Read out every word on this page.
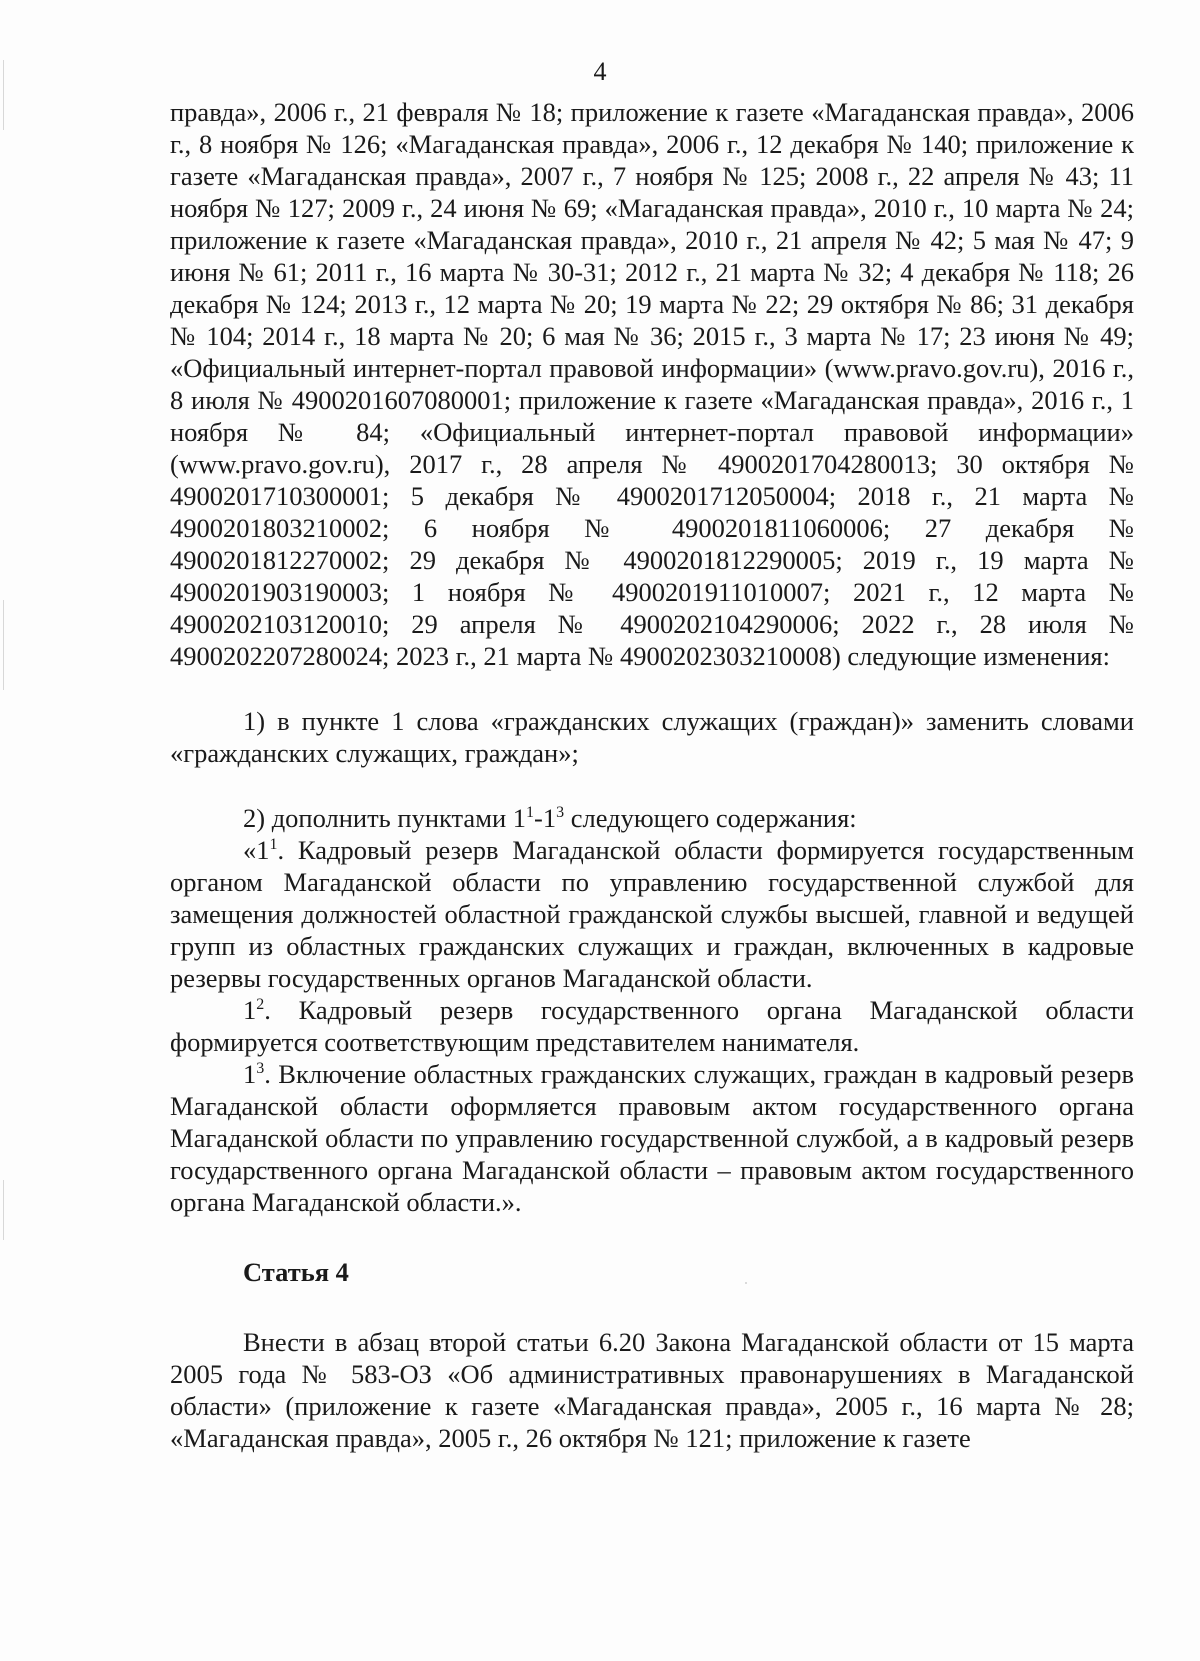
4

правда», 2006 г., 21 февраля № 18; приложение к газете «Магаданская правда», 2006 г., 8 ноября № 126; «Магаданская правда», 2006 г., 12 декабря № 140; приложение к газете «Магаданская правда», 2007 г., 7 ноября № 125; 2008 г., 22 апреля № 43; 11 ноября № 127; 2009 г., 24 июня № 69; «Магаданская правда», 2010 г., 10 марта № 24; приложение к газете «Магаданская правда», 2010 г., 21 апреля № 42; 5 мая № 47; 9 июня № 61; 2011 г., 16 марта № 30-31; 2012 г., 21 марта № 32; 4 декабря № 118; 26 декабря № 124; 2013 г., 12 марта № 20; 19 марта № 22; 29 октября № 86; 31 декабря № 104; 2014 г., 18 марта № 20; 6 мая № 36; 2015 г., 3 марта № 17; 23 июня № 49; «Официальный интернет-портал правовой информации» (www.pravo.gov.ru), 2016 г., 8 июля № 4900201607080001; приложение к газете «Магаданская правда», 2016 г., 1 ноября № 84; «Официальный интернет-портал правовой информации» (www.pravo.gov.ru), 2017 г., 28 апреля № 4900201704280013; 30 октября № 4900201710300001; 5 декабря № 4900201712050004; 2018 г., 21 марта № 4900201803210002; 6 ноября № 4900201811060006; 27 декабря № 4900201812270002; 29 декабря № 4900201812290005; 2019 г., 19 марта № 4900201903190003; 1 ноября № 4900201911010007; 2021 г., 12 марта № 4900202103120010; 29 апреля № 4900202104290006; 2022 г., 28 июля № 4900202207280024; 2023 г., 21 марта № 4900202303210008) следующие изменения:

1) в пункте 1 слова «гражданских служащих (граждан)» заменить словами «гражданских служащих, граждан»;

2) дополнить пунктами $1^1-1^3$ следующего содержания:

«$1^1$. Кадровый резерв Магаданской области формируется государственным органом Магаданской области по управлению государственной службой для замещения должностей областной гражданской службы высшей, главной и ведущей групп из областных гражданских служащих и граждан, включенных в кадровые резервы государственных органов Магаданской области.

$1^2$. Кадровый резерв государственного органа Магаданской области формируется соответствующим представителем нанимателя.

$1^3$. Включение областных гражданских служащих, граждан в кадровый резерв Магаданской области оформляется правовым актом государственного органа Магаданской области по управлению государственной службой, а в кадровый резерв государственного органа Магаданской области – правовым актом государственного органа Магаданской области.».

Статья 4

Внести в абзац второй статьи 6.20 Закона Магаданской области от 15 марта 2005 года № 583-ОЗ «Об административных правонарушениях в Магаданской области» (приложение к газете «Магаданская правда», 2005 г., 16 марта № 28; «Магаданская правда», 2005 г., 26 октября № 121; приложение к газете
